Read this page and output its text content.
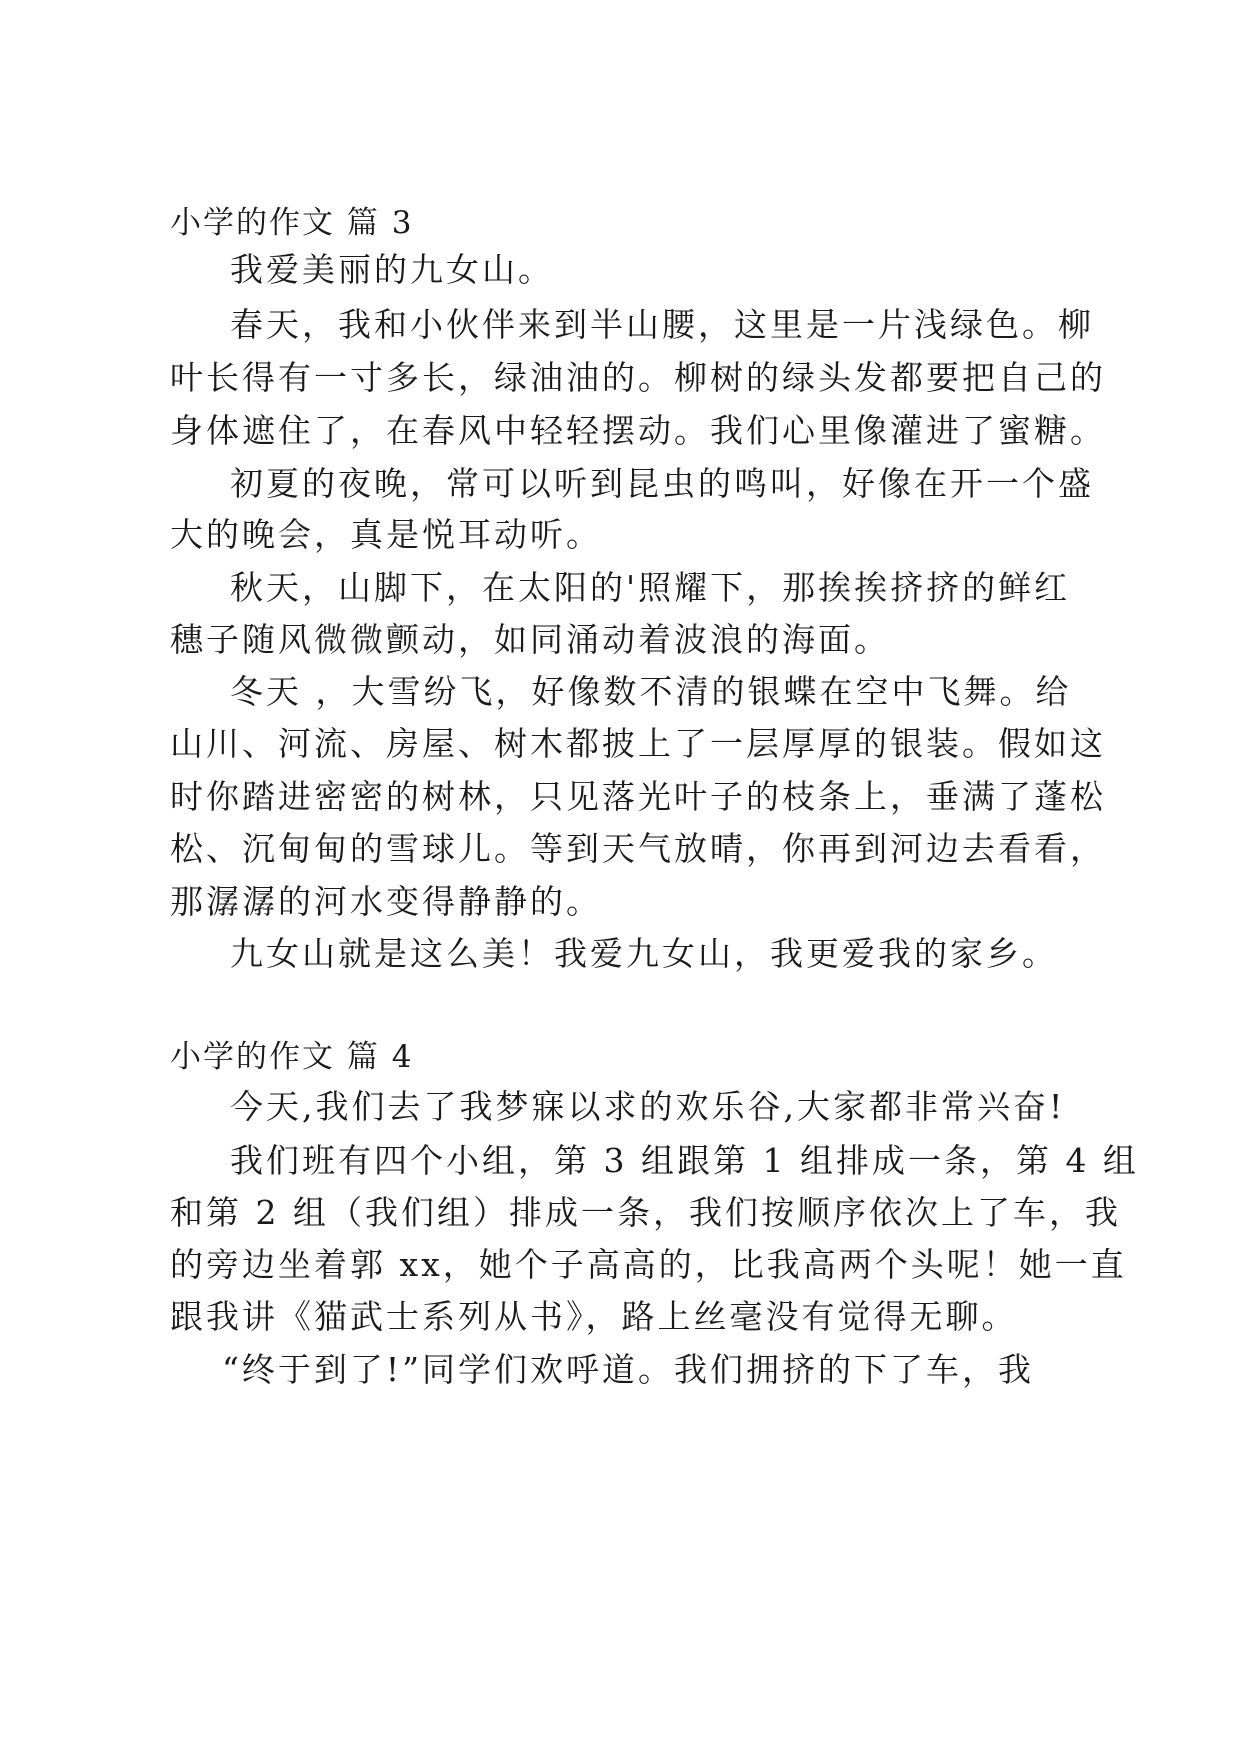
小学的作文 篇 3
我爱美丽的九女山。
春天，我和小伙伴来到半山腰，这里是一片浅绿色。柳
叶长得有一寸多长，绿油油的。柳树的绿头发都要把自己的
身体遮住了，在春风中轻轻摆动。我们心里像灌进了蜜糖。
初夏的夜晚，常可以听到昆虫的鸣叫，好像在开一个盛
大的晚会，真是悦耳动听。
秋天，山脚下，在太阳的'照耀下，那挨挨挤挤的鲜红
穗子随风微微颤动，如同涌动着波浪的海面。
冬天 ，大雪纷飞，好像数不清的银蝶在空中飞舞。给
山川、河流、房屋、树木都披上了一层厚厚的银装。假如这
时你踏进密密的树林，只见落光叶子的枝条上，垂满了蓬松
松、沉甸甸的雪球儿。等到天气放晴，你再到河边去看看，
那潺潺的河水变得静静的。
九女山就是这么美！我爱九女山，我更爱我的家乡。
小学的作文 篇 4
今天,我们去了我梦寐以求的欢乐谷,大家都非常兴奋!
我们班有四个小组，第 3 组跟第 1 组排成一条，第 4 组
和第 2 组（我们组）排成一条，我们按顺序依次上了车，我
的旁边坐着郭 xx，她个子高高的，比我高两个头呢！她一直
跟我讲《猫武士系列从书》，路上丝毫没有觉得无聊。
“终于到了!”同学们欢呼道。我们拥挤的下了车，我
